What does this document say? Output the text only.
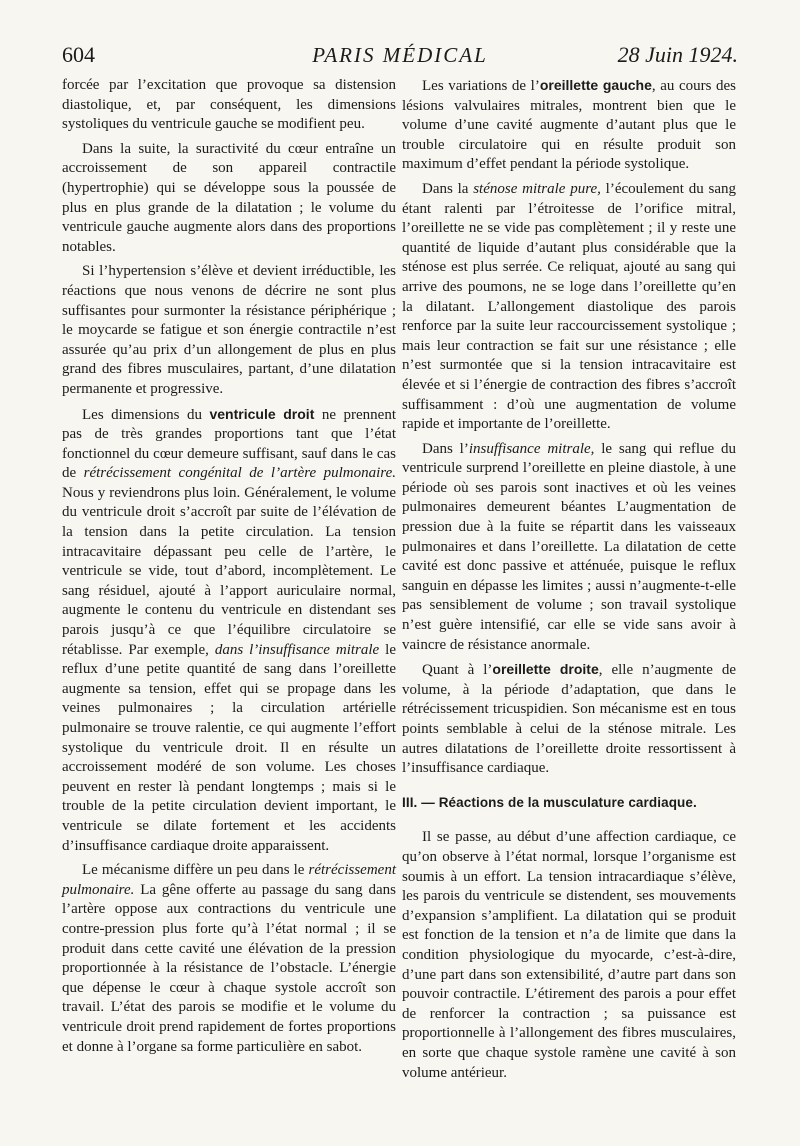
604	PARIS MÉDICAL	28 Juin 1924.

forcée par l’excitation que provoque sa distension diastolique, et, par conséquent, les dimensions systoliques du ventricule gauche se modifient peu.

Dans la suite, la suractivité du cœur entraîne un accroissement de son appareil contractile (hypertrophie) qui se développe sous la poussée de plus en plus grande de la dilatation ; le volume du ventricule gauche augmente alors dans des proportions notables.

Si l’hypertension s’élève et devient irréductible, les réactions que nous venons de décrire ne sont plus suffisantes pour surmonter la résistance périphérique ; le moycarde se fatigue et son énergie contractile n’est assurée qu’au prix d’un allongement de plus en plus grand des fibres musculaires, partant, d’une dilatation permanente et progressive.

Les dimensions du ventricule droit ne prennent pas de très grandes proportions tant que l’état fonctionnel du cœur demeure suffisant, sauf dans le cas de rétrécissement congénital de l’artère pulmonaire. Nous y reviendrons plus loin. Généralement, le volume du ventricule droit s’accroît par suite de l’élévation de la tension dans la petite circulation. La tension intracavitaire dépassant peu celle de l’artère, le ventricule se vide, tout d’abord, incomplètement. Le sang résiduel, ajouté à l’apport auriculaire normal, augmente le contenu du ventricule en distendant ses parois jusqu’à ce que l’équilibre circulatoire se rétablisse. Par exemple, dans l’insuffisance mitrale le reflux d’une petite quantité de sang dans l’oreillette augmente sa tension, effet qui se propage dans les veines pulmonaires ; la circulation artérielle pulmonaire se trouve ralentie, ce qui augmente l’effort systolique du ventricule droit. Il en résulte un accroissement modéré de son volume. Les choses peuvent en rester là pendant longtemps ; mais si le trouble de la petite circulation devient important, le ventricule se dilate fortement et les accidents d’insuffisance cardiaque droite apparaissent.

Le mécanisme diffère un peu dans le rétrécissement pulmonaire. La gêne offerte au passage du sang dans l’artère oppose aux contractions du ventricule une contre-pression plus forte qu’à l’état normal ; il se produit dans cette cavité une élévation de la pression proportionnée à la résistance de l’obstacle. L’énergie que dépense le cœur à chaque systole accroît son travail. L’état des parois se modifie et le volume du ventricule droit prend rapidement de fortes proportions et donne à l’organe sa forme particulière en sabot.

Les variations de l’oreillette gauche, au cours des lésions valvulaires mitrales, montrent bien que le volume d’une cavité augmente d’autant plus que le trouble circulatoire qui en résulte produit son maximum d’effet pendant la période systolique.

Dans la sténose mitrale pure, l’écoulement du sang étant ralenti par l’étroitesse de l’orifice mitral, l’oreillette ne se vide pas complètement ; il y reste une quantité de liquide d’autant plus considérable que la sténose est plus serrée. Ce reliquat, ajouté au sang qui arrive des poumons, ne se loge dans l’oreillette qu’en la dilatant. L’allongement diastolique des parois renforce par la suite leur raccourcissement systolique ; mais leur contraction se fait sur une résistance ; elle n’est surmontée que si la tension intracavitaire est élevée et si l’énergie de contraction des fibres s’accroît suffisamment : d’où une augmentation de volume rapide et importante de l’oreillette.

Dans l’insuffisance mitrale, le sang qui reflue du ventricule surprend l’oreillette en pleine diastole, à une période où ses parois sont inactives et où les veines pulmonaires demeurent béantes L’augmentation de pression due à la fuite se répartit dans les vaisseaux pulmonaires et dans l’oreillette. La dilatation de cette cavité est donc passive et atténuée, puisque le reflux sanguin en dépasse les limites ; aussi n’augmente-t-elle pas sensiblement de volume ; son travail systolique n’est guère intensifié, car elle se vide sans avoir à vaincre de résistance anormale.

Quant à l’oreillette droite, elle n’augmente de volume, à la période d’adaptation, que dans le rétrécissement tricuspidien. Son mécanisme est en tous points semblable à celui de la sténose mitrale. Les autres dilatations de l’oreillette droite ressortissent à l’insuffisance cardiaque.

III. — Réactions de la musculature cardiaque.

Il se passe, au début d’une affection cardiaque, ce qu’on observe à l’état normal, lorsque l’organisme est soumis à un effort. La tension intracardiaque s’élève, les parois du ventricule se distendent, ses mouvements d’expansion s’amplifient. La dilatation qui se produit est fonction de la tension et n’a de limite que dans la condition physiologique du myocarde, c’est-à-dire, d’une part dans son extensibilité, d’autre part dans son pouvoir contractile. L’étirement des parois a pour effet de renforcer la contraction ; sa puissance est proportionnelle à l’allongement des fibres musculaires, en sorte que chaque systole ramène une cavité à son volume antérieur.
